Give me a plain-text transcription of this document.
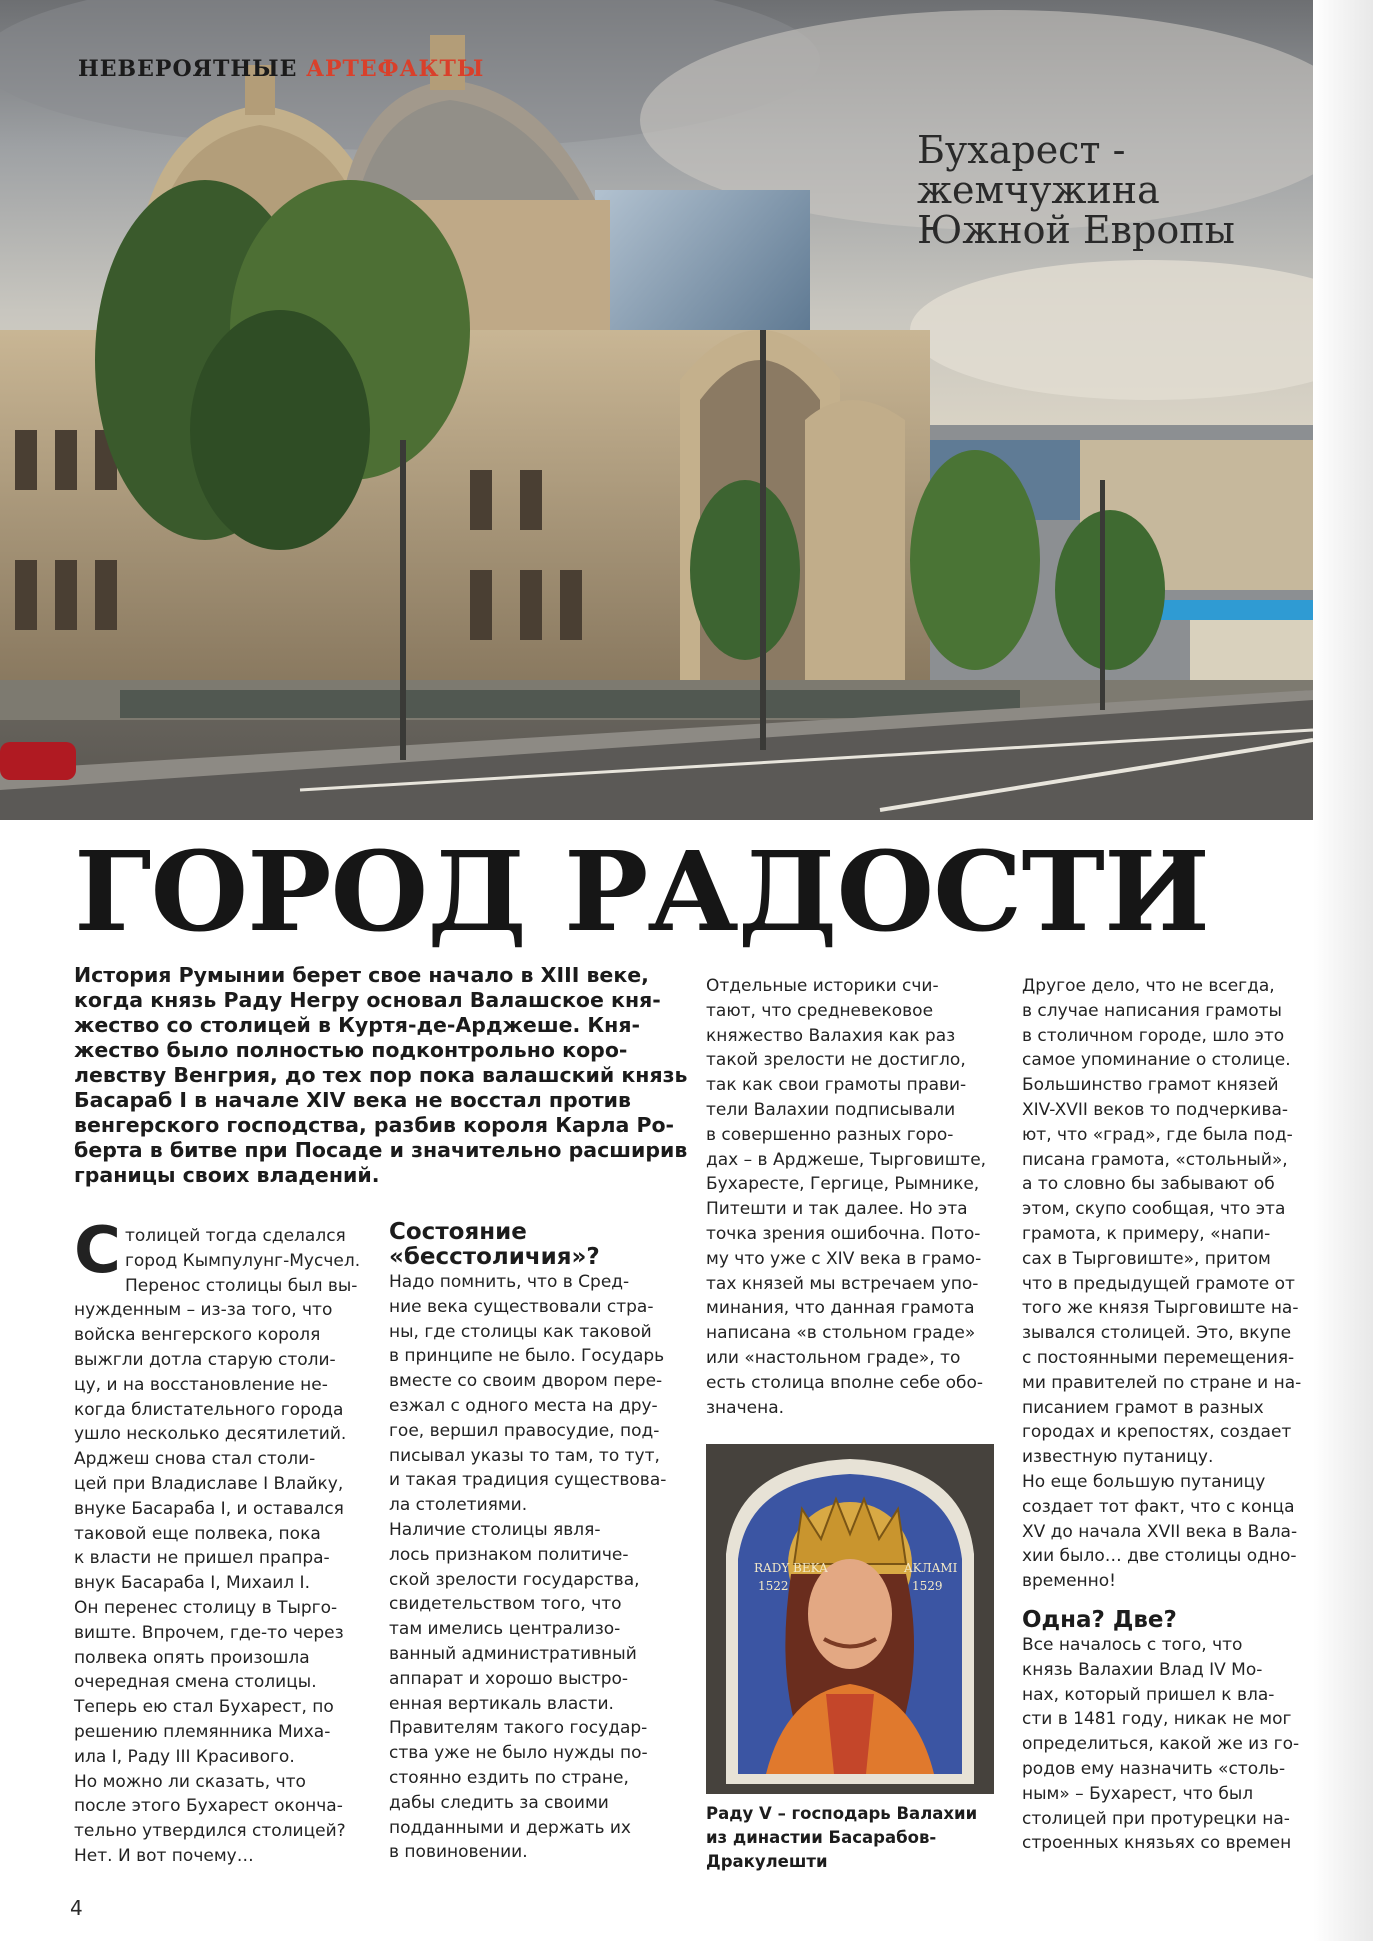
НЕВЕРОЯТНЫЕ АРТЕФАКТЫ
Бухарест -
жемчужина
Южной Европы
ГОРОД РАДОСТИ
История Румынии берет свое начало в XIII веке,
когда князь Раду Негру основал Валашское кня-
жество со столицей в Куртя-де-Арджеше. Кня-
жество было полностью подконтрольно коро-
левству Венгрия, до тех пор пока валашский князь
Басараб I в начале XIV века не восстал против
венгерского господства, разбив короля Карла Ро-
берта в битве при Посаде и значительно расширив
границы своих владений.
С толицей тогда сделался
город Кымпулунг-Мусчел.
Перенос столицы был вы-
нужденным – из-за того, что
войска венгерского короля
выжгли дотла старую столи-
цу, и на восстановление не-
когда блистательного города
ушло несколько десятилетий.
Арджеш снова стал столи-
цей при Владиславе I Влайку,
внуке Басараба I, и оставался
таковой еще полвека, пока
к власти не пришел прапра-
внук Басараба I, Михаил I.
Он перенес столицу в Тырго-
виште. Впрочем, где-то через
полвека опять произошла
очередная смена столицы.
Теперь ею стал Бухарест, по
решению племянника Миха-
ила I, Раду III Красивого.
Но можно ли сказать, что
после этого Бухарест оконча-
тельно утвердился столицей?
Нет. И вот почему…
Состояние
«бесстоличия»?
Надо помнить, что в Сред-
ние века существовали стра-
ны, где столицы как таковой
в принципе не было. Государь
вместе со своим двором пере-
езжал с одного места на дру-
гое, вершил правосудие, под-
писывал указы то там, то тут,
и такая традиция существова-
ла столетиями.
Наличие столицы явля-
лось признаком политиче-
ской зрелости государства,
свидетельством того, что
там имелись централизо-
ванный административный
аппарат и хорошо выстро-
енная вертикаль власти.
Правителям такого государ-
ства уже не было нужды по-
стоянно ездить по стране,
дабы следить за своими
подданными и держать их
в повиновении.
Отдельные историки счи-
тают, что средневековое
княжество Валахия как раз
такой зрелости не достигло,
так как свои грамоты прави-
тели Валахии подписывали
в совершенно разных горо-
дах – в Арджеше, Тырговиште,
Бухаресте, Гергице, Рымнике,
Питешти и так далее. Но эта
точка зрения ошибочна. Пото-
му что уже с XIV века в грамо-
тах князей мы встречаем упо-
минания, что данная грамота
написана «в стольном граде»
или «настольном граде», то
есть столица вполне себе обо-
значена.
RADY BEKA
1522
AKЛAMI
1529
Раду V – господарь Валахии
из династии Басарабов-
Дракулешти
Другое дело, что не всегда,
в случае написания грамоты
в столичном городе, шло это
самое упоминание о столице.
Большинство грамот князей
XIV-XVII веков то подчеркива-
ют, что «град», где была под-
писана грамота, «стольный»,
а то словно бы забывают об
этом, скупо сообщая, что эта
грамота, к примеру, «напи-
сах в Тырговиште», притом
что в предыдущей грамоте от
того же князя Тырговиште на-
зывался столицей. Это, вкупе
с постоянными перемещения-
ми правителей по стране и на-
писанием грамот в разных
городах и крепостях, создает
известную путаницу.
Но еще большую путаницу
создает тот факт, что с конца
XV до начала XVII века в Вала-
хии было… две столицы одно-
временно!
Одна? Две?
Все началось с того, что
князь Валахии Влад IV Мо-
нах, который пришел к вла-
сти в 1481 году, никак не мог
определиться, какой же из го-
родов ему назначить «столь-
ным» – Бухарест, что был
столицей при протурецки на-
строенных князьях со времен
4
